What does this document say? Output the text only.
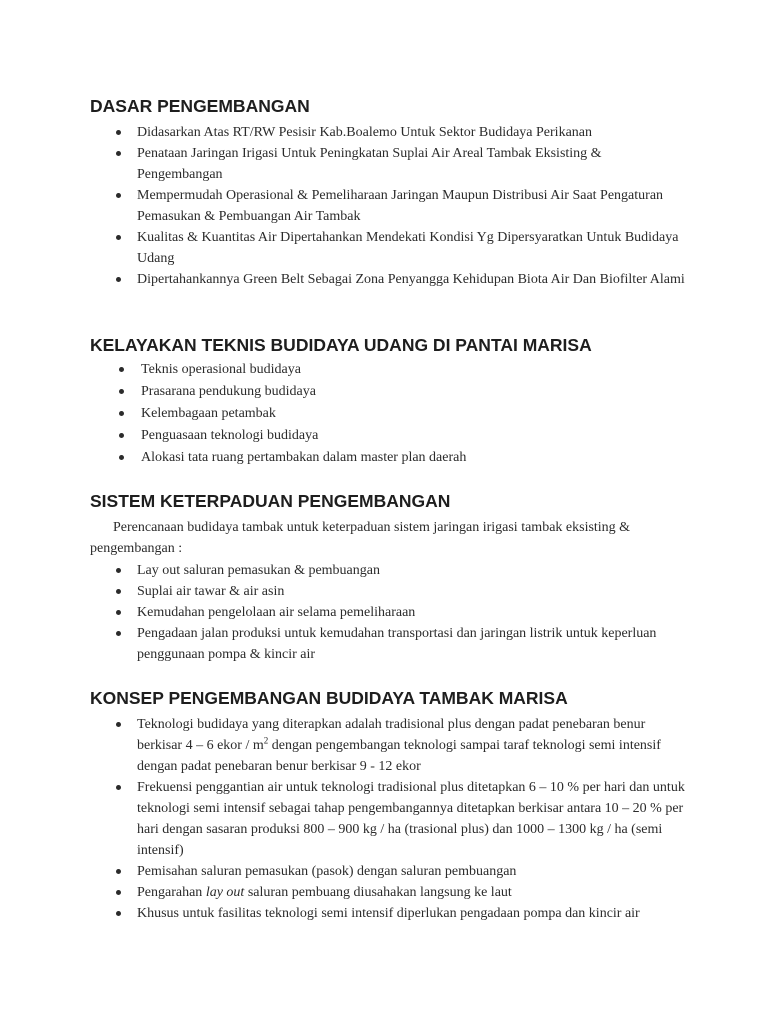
DASAR PENGEMBANGAN
Didasarkan Atas RT/RW Pesisir Kab.Boalemo Untuk Sektor Budidaya Perikanan
Penataan Jaringan Irigasi Untuk Peningkatan Suplai Air Areal Tambak Eksisting & Pengembangan
Mempermudah Operasional & Pemeliharaan Jaringan Maupun Distribusi Air Saat Pengaturan Pemasukan & Pembuangan Air Tambak
Kualitas & Kuantitas Air Dipertahankan Mendekati Kondisi Yg Dipersyaratkan Untuk Budidaya Udang
Dipertahankannya Green Belt Sebagai Zona Penyangga Kehidupan Biota Air Dan Biofilter Alami
KELAYAKAN TEKNIS BUDIDAYA UDANG DI PANTAI MARISA
Teknis operasional budidaya
Prasarana pendukung budidaya
Kelembagaan petambak
Penguasaan teknologi budidaya
Alokasi tata ruang pertambakan dalam master plan daerah
SISTEM KETERPADUAN PENGEMBANGAN

Perencanaan budidaya tambak untuk keterpaduan sistem jaringan irigasi tambak eksisting & pengembangan :

Lay out saluran pemasukan & pembuangan
Suplai air tawar & air asin
Kemudahan pengelolaan air selama pemeliharaan
Pengadaan jalan produksi untuk kemudahan transportasi dan jaringan listrik untuk keperluan penggunaan pompa & kincir air
KONSEP PENGEMBANGAN BUDIDAYA TAMBAK MARISA
Teknologi budidaya yang diterapkan adalah tradisional plus dengan padat penebaran benur berkisar 4 – 6 ekor / $m^2$ dengan pengembangan teknologi sampai taraf teknologi semi intensif dengan padat penebaran benur berkisar 9 - 12 ekor
Frekuensi penggantian air untuk teknologi tradisional plus ditetapkan 6 – 10 % per hari dan untuk teknologi semi intensif sebagai tahap pengembangannya ditetapkan berkisar antara 10 – 20 % per hari dengan sasaran produksi 800 – 900 kg / ha (trasional plus) dan 1000 – 1300 kg / ha (semi intensif)
Pemisahan saluran pemasukan (pasok) dengan saluran pembuangan
Pengarahan lay out saluran pembuang diusahakan langsung ke laut
Khusus untuk fasilitas teknologi semi intensif diperlukan pengadaan pompa dan kincir air
